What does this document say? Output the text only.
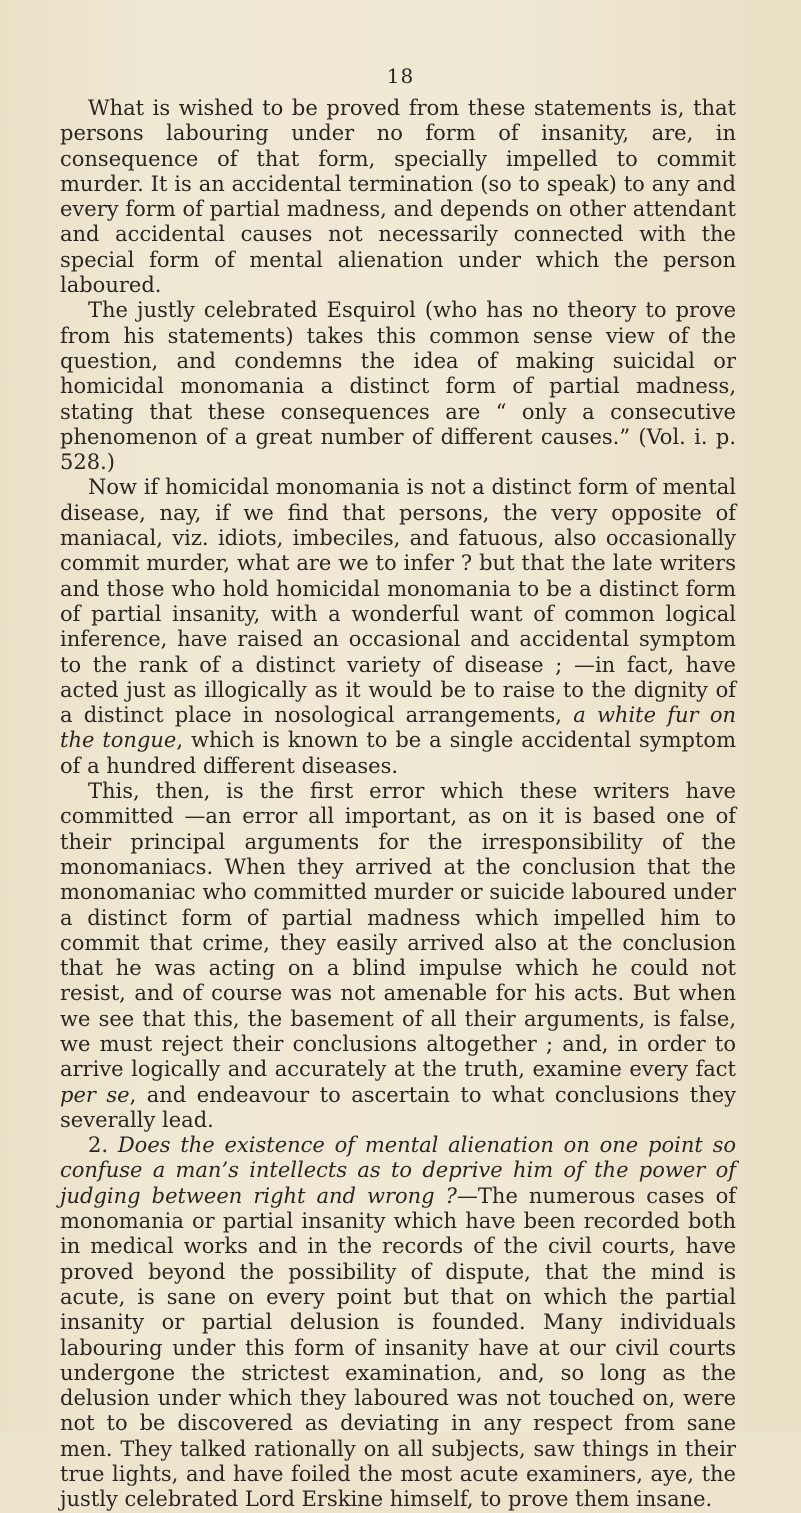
18

What is wished to be proved from these statements is, that persons labouring under no form of insanity, are, in consequence of that form, specially impelled to commit murder. It is an accidental termination (so to speak) to any and every form of partial madness, and depends on other attendant and accidental causes not necessarily connected with the special form of mental alienation under which the person laboured.

The justly celebrated Esquirol (who has no theory to prove from his statements) takes this common sense view of the question, and condemns the idea of making suicidal or homicidal monomania a distinct form of partial madness, stating that these consequences are “ only a consecutive phenomenon of a great number of different causes.” (Vol. i. p. 528.)

Now if homicidal monomania is not a distinct form of mental disease, nay, if we find that persons, the very opposite of maniacal, viz. idiots, imbeciles, and fatuous, also occasionally commit murder, what are we to infer ? but that the late writers and those who hold homicidal monomania to be a distinct form of partial insanity, with a wonderful want of common logical inference, have raised an occasional and accidental symptom to the rank of a distinct variety of disease ; —in fact, have acted just as illogically as it would be to raise to the dignity of a distinct place in nosological arrangements, a white fur on the tongue, which is known to be a single accidental symptom of a hundred different diseases.

This, then, is the first error which these writers have committed —an error all important, as on it is based one of their principal arguments for the irresponsibility of the monomaniacs. When they arrived at the conclusion that the monomaniac who committed murder or suicide laboured under a distinct form of partial madness which impelled him to commit that crime, they easily arrived also at the conclusion that he was acting on a blind impulse which he could not resist, and of course was not amenable for his acts. But when we see that this, the basement of all their arguments, is false, we must reject their conclusions altogether ; and, in order to arrive logically and accurately at the truth, examine every fact per se, and endeavour to ascertain to what conclusions they severally lead.

2. Does the existence of mental alienation on one point so confuse a man’s intellects as to deprive him of the power of judging between right and wrong ?—The numerous cases of monomania or partial insanity which have been recorded both in medical works and in the records of the civil courts, have proved beyond the possibility of dispute, that the mind is acute, is sane on every point but that on which the partial insanity or partial delusion is founded. Many individuals labouring under this form of insanity have at our civil courts undergone the strictest examination, and, so long as the delusion under which they laboured was not touched on, were not to be discovered as deviating in any respect from sane men. They talked rationally on all subjects, saw things in their true lights, and have foiled the most acute examiners, aye, the justly celebrated Lord Erskine himself, to prove them insane.
